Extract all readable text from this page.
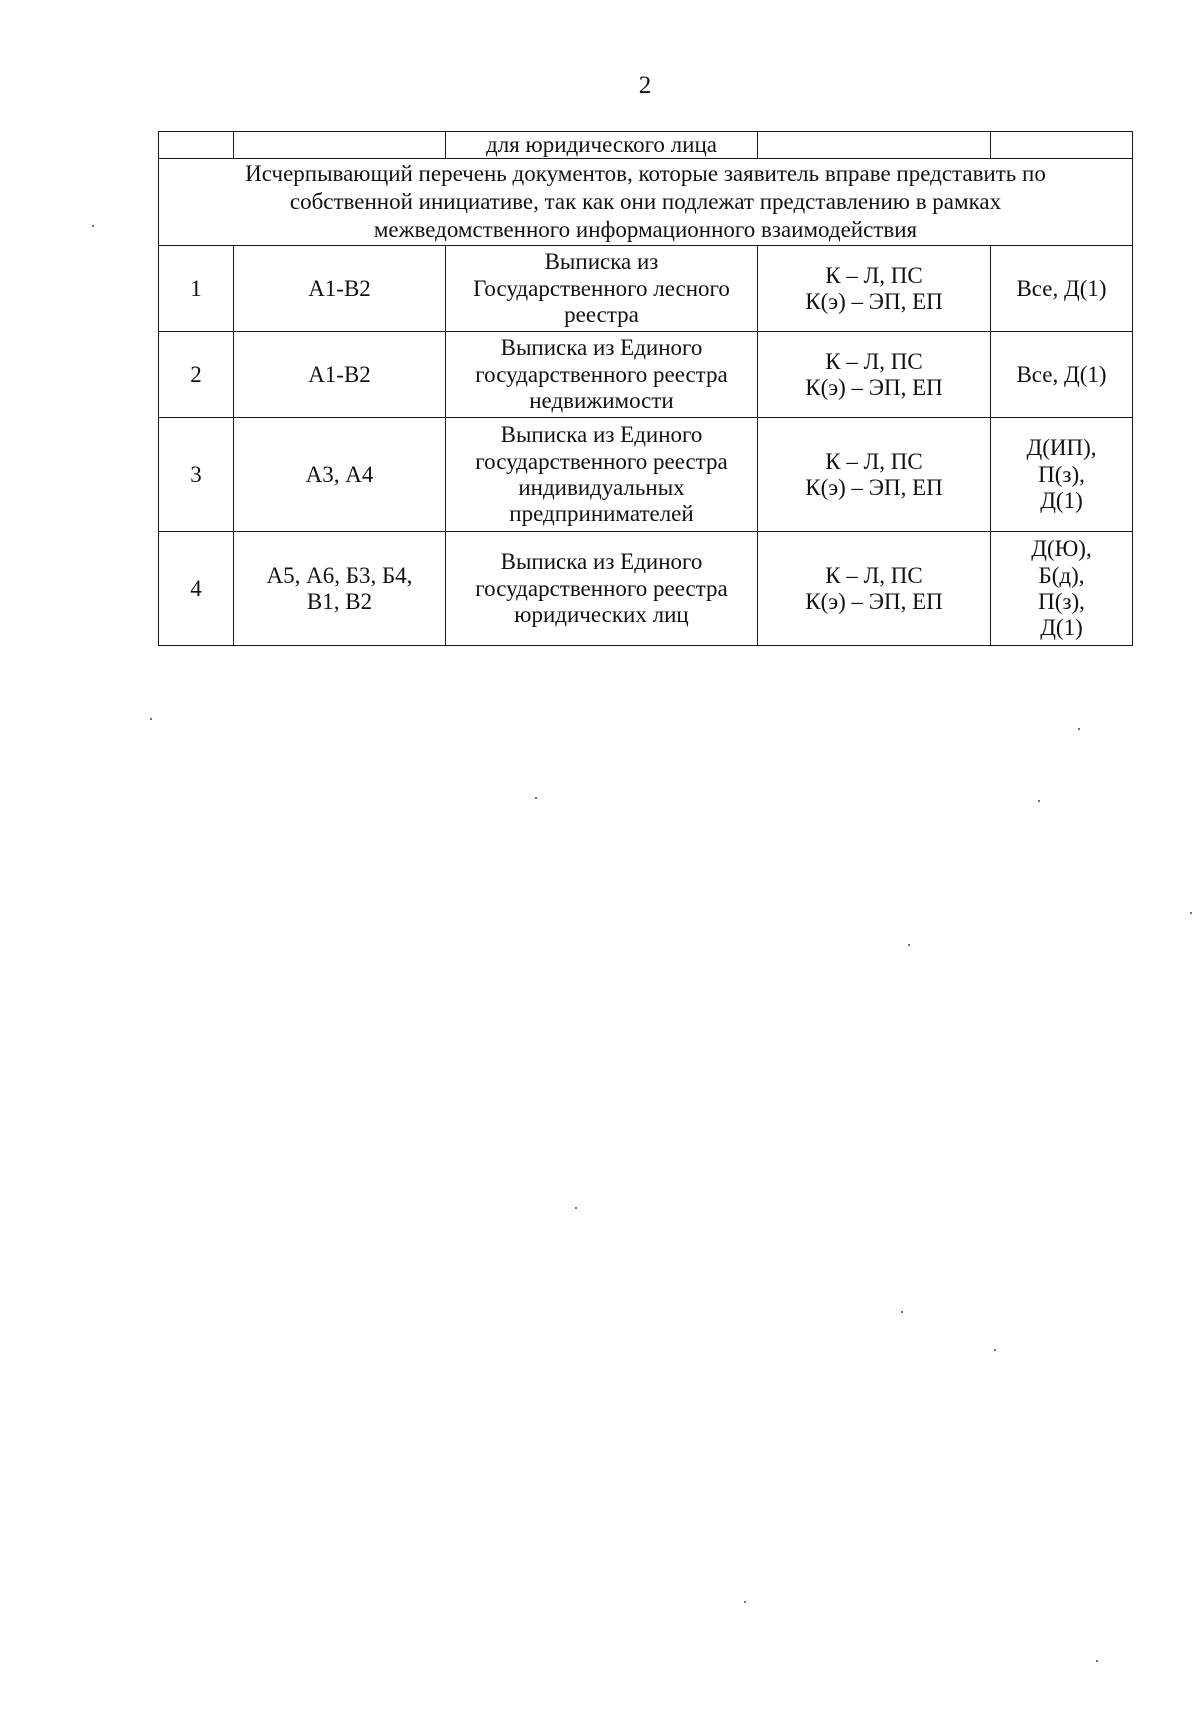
2
		для юридического лица		

Исчерпывающий перечень документов, которые заявитель вправе представить по
собственной инициативе, так как они подлежат представлению в рамках
межведомственного информационного взаимодействия				

1	А1-В2	Выписка из
Государственного лесного
реестра	К – Л, ПС
К(э) – ЭП, ЕП	Все, Д(1)

2	А1-В2	Выписка из Единого
государственного реестра
недвижимости	К – Л, ПС
К(э) – ЭП, ЕП	Все, Д(1)

3	А3, А4	Выписка из Единого
государственного реестра
индивидуальных
предпринимателей	К – Л, ПС
К(э) – ЭП, ЕП	Д(ИП),
П(з),
Д(1)

4	А5, А6, Б3, Б4,
В1, В2	Выписка из Единого
государственного реестра
юридических лиц	К – Л, ПС
К(э) – ЭП, ЕП	Д(Ю),
Б(д),
П(з),
Д(1)
